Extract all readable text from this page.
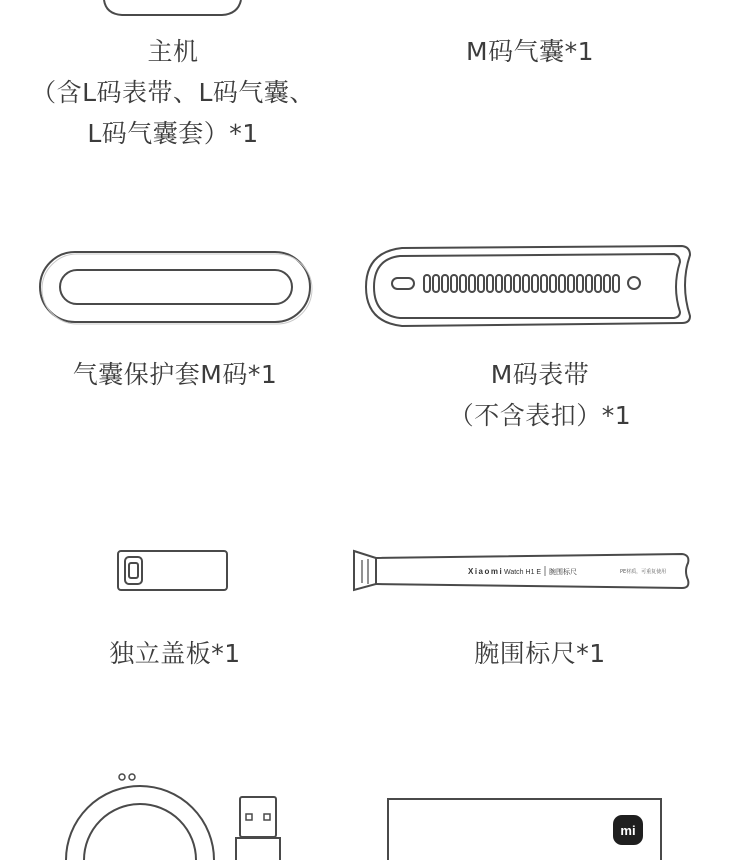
主机
（含L码表带、L码气囊、
L码气囊套）*1
M码气囊*1
气囊保护套M码*1	M码表带
（不含表扣）*1
Xiaomi Watch H1 E 腕围标尺	PE材质，可重复使用
独立盖板*1	腕围标尺*1
mi
